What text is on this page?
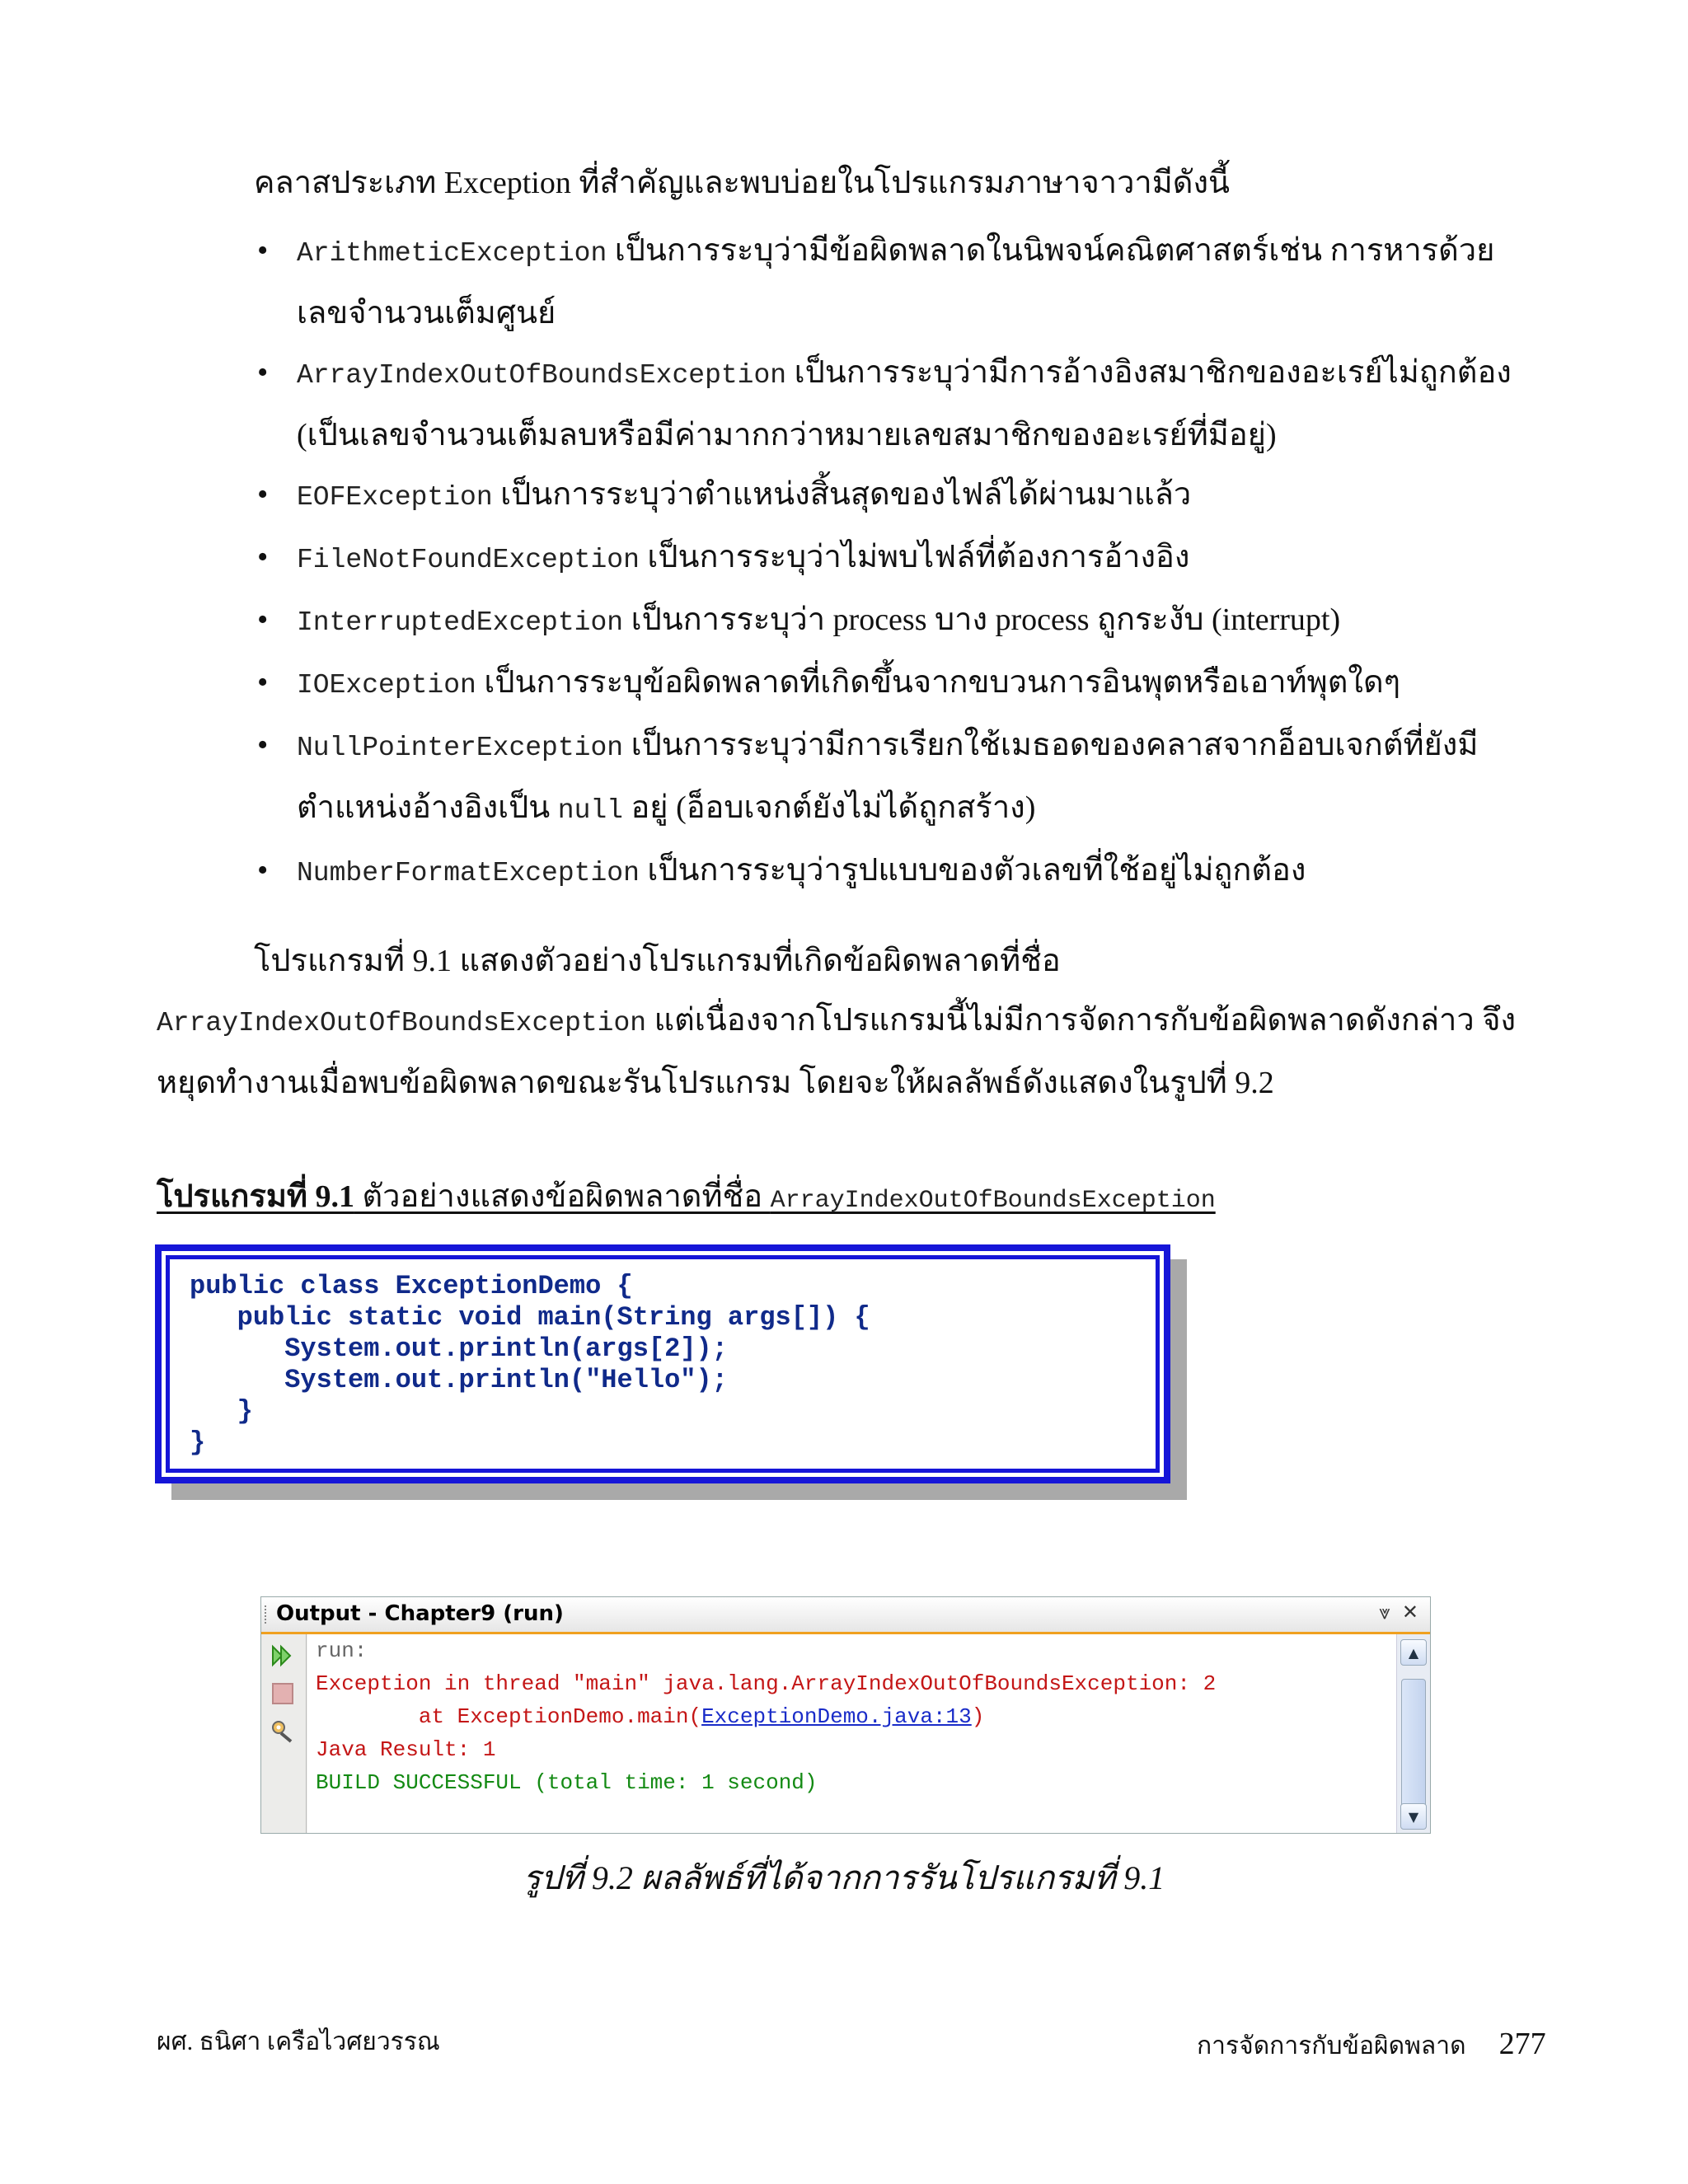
คลาสประเภท Exception ที่สำคัญและพบบ่อยในโปรแกรมภาษาจาวามีดังนี้
• ArithmeticException เป็นการระบุว่ามีข้อผิดพลาดในนิพจน์คณิตศาสตร์เช่น การหารด้วยเลขจำนวนเต็มศูนย์
• ArrayIndexOutOfBoundsException เป็นการระบุว่ามีการอ้างอิงสมาชิกของอะเรย์ไม่ถูกต้อง (เป็นเลขจำนวนเต็มลบหรือมีค่ามากกว่าหมายเลขสมาชิกของอะเรย์ที่มีอยู่)
• EOFException เป็นการระบุว่าตำแหน่งสิ้นสุดของไฟล์ได้ผ่านมาแล้ว
• FileNotFoundException เป็นการระบุว่าไม่พบไฟล์ที่ต้องการอ้างอิง
• InterruptedException เป็นการระบุว่า process บาง process ถูกระงับ (interrupt)
• IOException เป็นการระบุข้อผิดพลาดที่เกิดขึ้นจากขบวนการอินพุตหรือเอาท์พุตใดๆ
• NullPointerException เป็นการระบุว่ามีการเรียกใช้เมธอดของคลาสจากอ็อบเจกต์ที่ยังมีตำแหน่งอ้างอิงเป็น null อยู่ (อ็อบเจกต์ยังไม่ได้ถูกสร้าง)
• NumberFormatException เป็นการระบุว่ารูปแบบของตัวเลขที่ใช้อยู่ไม่ถูกต้อง
โปรแกรมที่ 9.1 แสดงตัวอย่างโปรแกรมที่เกิดข้อผิดพลาดที่ชื่อ ArrayIndexOutOfBoundsException แต่เนื่องจากโปรแกรมนี้ไม่มีการจัดการกับข้อผิดพลาดดังกล่าว จึงหยุดทำงานเมื่อพบข้อผิดพลาดขณะรันโปรแกรม โดยจะให้ผลลัพธ์ดังแสดงในรูปที่ 9.2
โปรแกรมที่ 9.1 ตัวอย่างแสดงข้อผิดพลาดที่ชื่อ ArrayIndexOutOfBoundsException
public class ExceptionDemo {
public static void main(String args[]) {
System.out.println(args[2]);
System.out.println("Hello");
}
}
Output - Chapter9 (run)	⩔ ✕
run:
Exception in thread "main" java.lang.ArrayIndexOutOfBoundsException: 2
at ExceptionDemo.main(ExceptionDemo.java:13)
Java Result: 1
BUILD SUCCESSFUL (total time: 1 second)
▲
▼
รูปที่ 9.2 ผลลัพธ์ที่ได้จากการรันโปรแกรมที่ 9.1
ผศ. ธนิศา เครือไวศยวรรณ	การจัดการกับข้อผิดพลาด 277
